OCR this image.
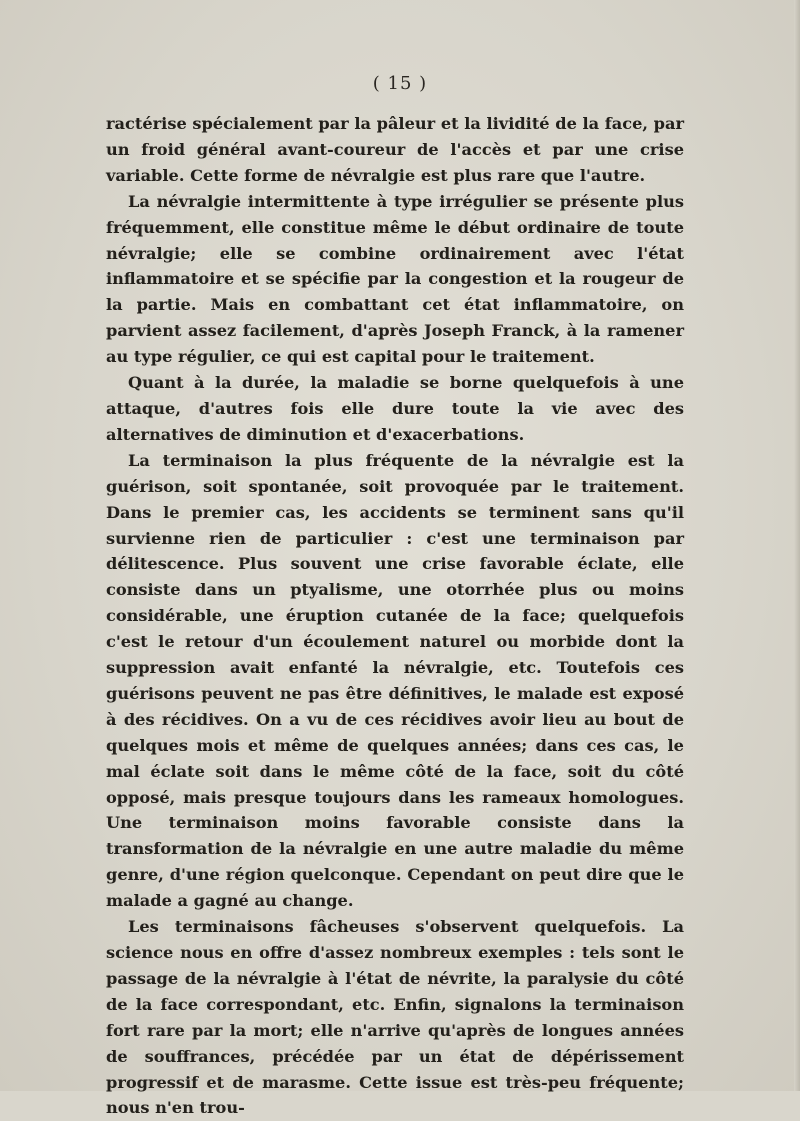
( 15 )

ractérise spécialement par la pâleur et la lividité de la face, par un froid général avant-coureur de l'accès et par une crise variable. Cette forme de névralgie est plus rare que l'autre.

La névralgie intermittente à type irrégulier se présente plus fréquemment, elle constitue même le début ordinaire de toute névralgie; elle se combine ordinairement avec l'état inflammatoire et se spécifie par la congestion et la rougeur de la partie. Mais en combattant cet état inflammatoire, on parvient assez facilement, d'après Joseph Franck, à la ramener au type régulier, ce qui est capital pour le traitement.

Quant à la durée, la maladie se borne quelquefois à une attaque, d'autres fois elle dure toute la vie avec des alternatives de diminution et d'exacerbations.

La terminaison la plus fréquente de la névralgie est la guérison, soit spontanée, soit provoquée par le traitement. Dans le premier cas, les accidents se terminent sans qu'il survienne rien de particulier : c'est une terminaison par délitescence. Plus souvent une crise favorable éclate, elle consiste dans un ptyalisme, une otorrhée plus ou moins considérable, une éruption cutanée de la face; quelquefois c'est le retour d'un écoulement naturel ou morbide dont la suppression avait enfanté la névralgie, etc. Toutefois ces guérisons peuvent ne pas être définitives, le malade est exposé à des récidives. On a vu de ces récidives avoir lieu au bout de quelques mois et même de quelques années; dans ces cas, le mal éclate soit dans le même côté de la face, soit du côté opposé, mais presque toujours dans les rameaux homologues. Une terminaison moins favorable consiste dans la transformation de la névralgie en une autre maladie du même genre, d'une région quelconque. Cependant on peut dire que le malade a gagné au change.

Les terminaisons fâcheuses s'observent quelquefois. La science nous en offre d'assez nombreux exemples : tels sont le passage de la névralgie à l'état de névrite, la paralysie du côté de la face correspondant, etc. Enfin, signalons la terminaison fort rare par la mort; elle n'arrive qu'après de longues années de souffrances, précédée par un état de dépérissement progressif et de marasme. Cette issue est très-peu fréquente; nous n'en trou-
